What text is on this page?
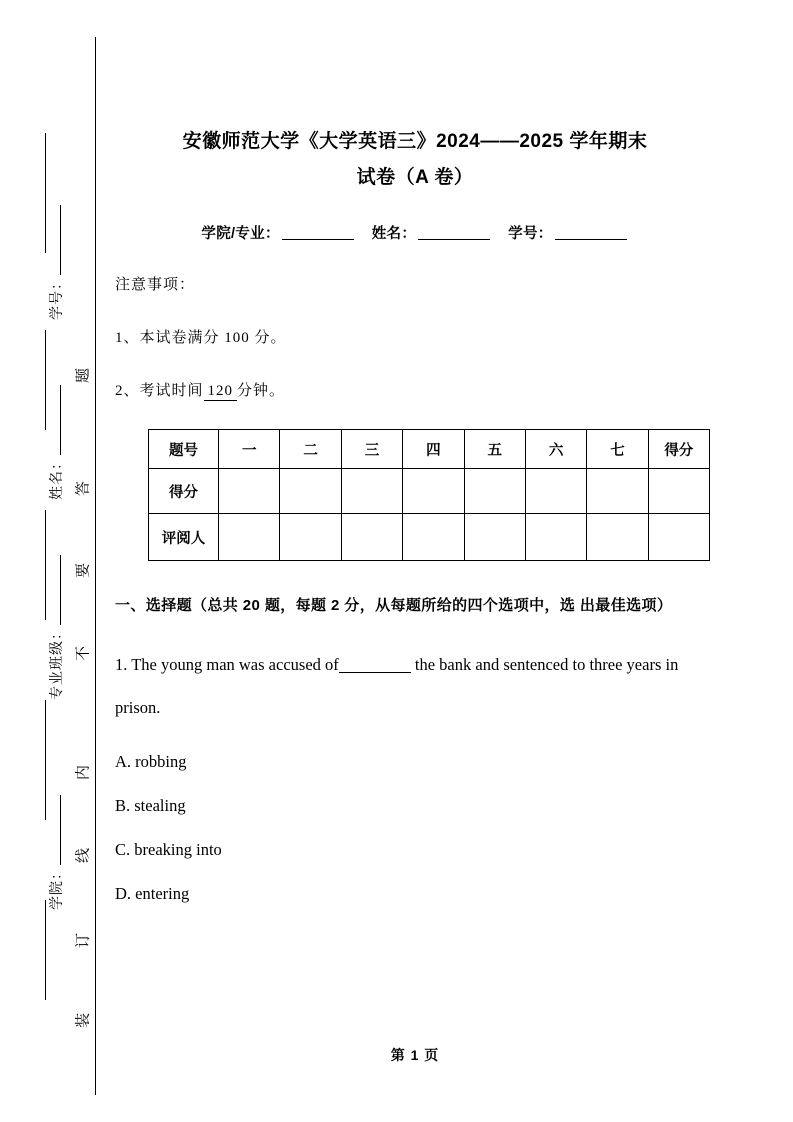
学号：
姓名：
专业班级：
学院：
题
答
要
不
内
线
订
装
安徽师范大学《大学英语三》2024——2025 学年期末
试卷（A 卷）

学院/专业：	姓名：	学号：

注意事项：

1、本试卷满分 100 分。

2、考试时间 120 分钟。

题号	一	二	三	四	五	六	七	得分
得分								
评阅人								

一、选择题（总共 20 题，每题 2 分，从每题所给的四个选项中，选 出最佳选项）

1. The young man was accused of	the bank and sentenced to three years in prison.

A. robbing

B. stealing

C. breaking into

D. entering

第 1 页
